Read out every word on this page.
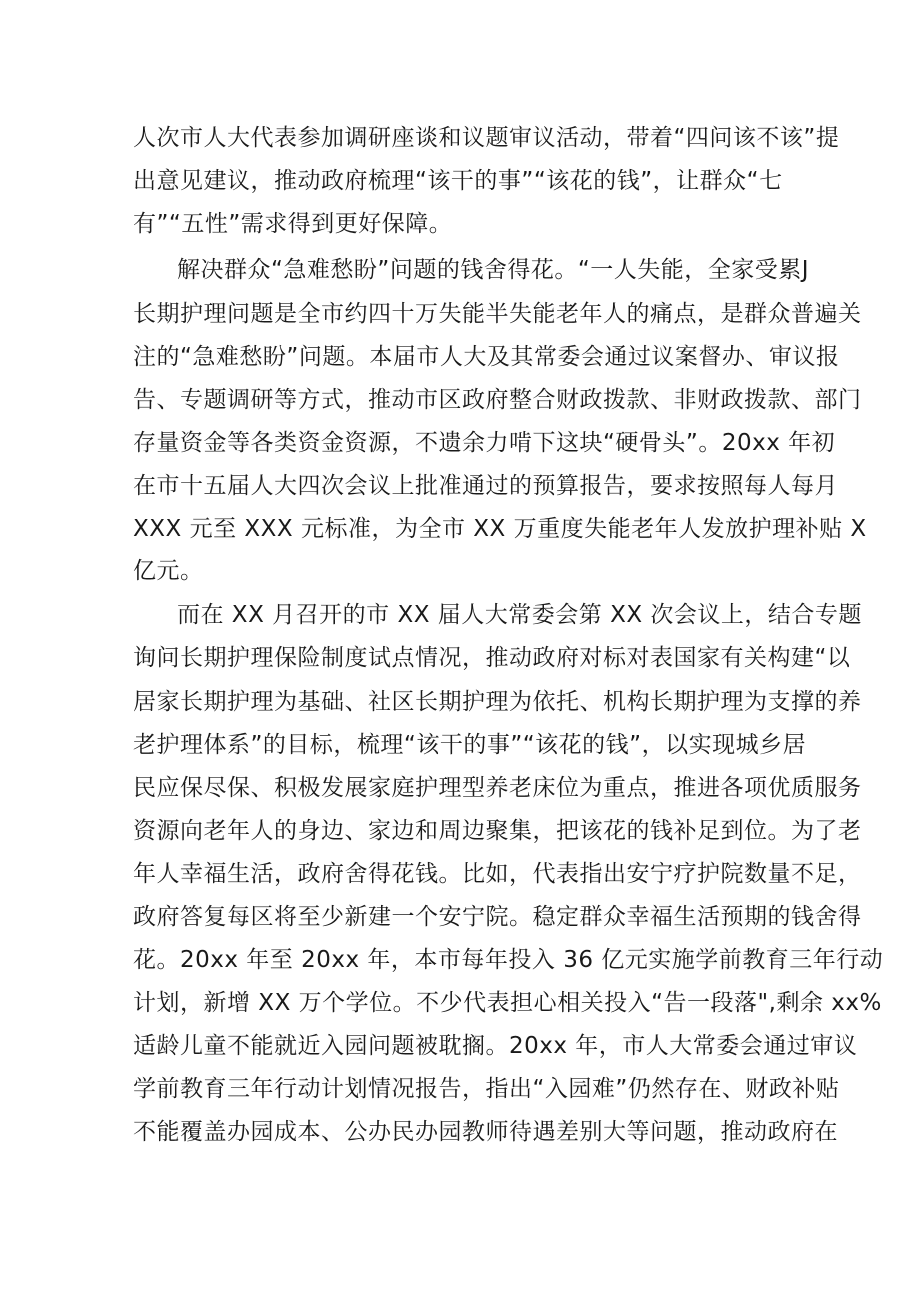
人次市人大代表参加调研座谈和议题审议活动，带着“四问该不该”提
出意见建议，推动政府梳理“该干的事”“该花的钱”，让群众“七
有”“五性”需求得到更好保障。
解决群众“急难愁盼”问题的钱舍得花。“一人失能，全家受累J
长期护理问题是全市约四十万失能半失能老年人的痛点，是群众普遍关
注的“急难愁盼”问题。本届市人大及其常委会通过议案督办、审议报
告、专题调研等方式，推动市区政府整合财政拨款、非财政拨款、部门
存量资金等各类资金资源，不遗余力啃下这块“硬骨头”。20xx 年初
在市十五届人大四次会议上批准通过的预算报告，要求按照每人每月
XXX 元至 XXX 元标准，为全市 XX 万重度失能老年人发放护理补贴 X
亿元。
而在 XX 月召开的市 XX 届人大常委会第 XX 次会议上，结合专题
询问长期护理保险制度试点情况，推动政府对标对表国家有关构建“以
居家长期护理为基础、社区长期护理为依托、机构长期护理为支撑的养
老护理体系”的目标，梳理“该干的事”“该花的钱”，以实现城乡居
民应保尽保、积极发展家庭护理型养老床位为重点，推进各项优质服务
资源向老年人的身边、家边和周边聚集，把该花的钱补足到位。为了老
年人幸福生活，政府舍得花钱。比如，代表指出安宁疗护院数量不足，
政府答复每区将至少新建一个安宁院。稳定群众幸福生活预期的钱舍得
花。20xx 年至 20xx 年，本市每年投入 36 亿元实施学前教育三年行动
计划，新增 XX 万个学位。不少代表担心相关投入“告一段落",剩余 xx%
适龄儿童不能就近入园问题被耽搁。20xx 年，市人大常委会通过审议
学前教育三年行动计划情况报告，指出“入园难”仍然存在、财政补贴
不能覆盖办园成本、公办民办园教师待遇差别大等问题，推动政府在
